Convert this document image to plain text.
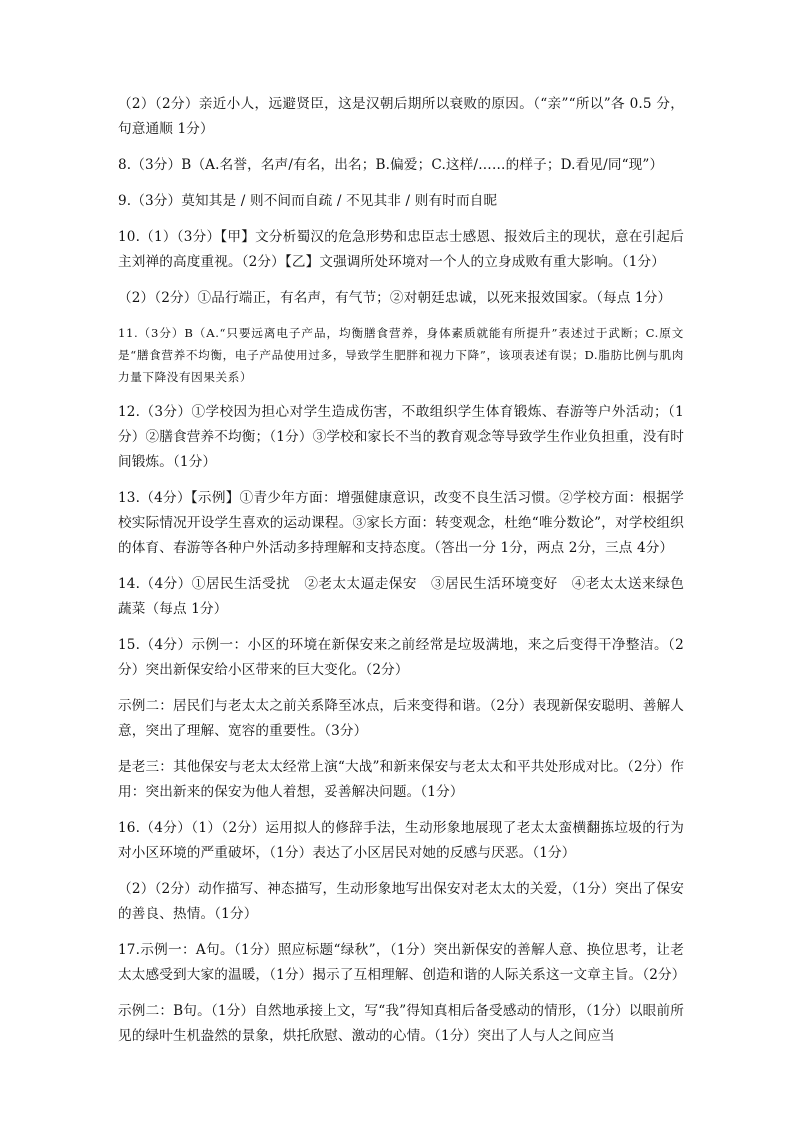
（2）（2分）亲近小人，远避贤臣，这是汉朝后期所以衰败的原因。（“亲”“所以”各 0.5 分，句意通顺 1分）

8.（3分）B（A.名誉，名声/有名，出名；B.偏爱；C.这样/……的样子；D.看见/同“现”）

9.（3分）莫知其是 / 则不间而自疏 / 不见其非 / 则有时而自昵

10.（1）（3分）【甲】文分析蜀汉的危急形势和忠臣志士感恩、报效后主的现状，意在引起后主刘禅的高度重视。（2分）【乙】文强调所处环境对一个人的立身成败有重大影响。（1分）

（2）（2分）①品行端正，有名声，有气节；②对朝廷忠诚，以死来报效国家。（每点 1分）

11.（3分）B（A.“只要远离电子产品，均衡膳食营养，身体素质就能有所提升”表述过于武断；C.原文是“膳食营养不均衡，电子产品使用过多，导致学生肥胖和视力下降”，该项表述有误；D.脂肪比例与肌肉力量下降没有因果关系）

12.（3分）①学校因为担心对学生造成伤害，不敢组织学生体育锻炼、春游等户外活动；（1分）②膳食营养不均衡；（1分）③学校和家长不当的教育观念等导致学生作业负担重，没有时间锻炼。（1分）

13.（4分）【示例】①青少年方面：增强健康意识，改变不良生活习惯。②学校方面：根据学校实际情况开设学生喜欢的运动课程。③家长方面：转变观念，杜绝“唯分数论”，对学校组织的体育、春游等各种户外活动多持理解和支持态度。（答出一分 1分，两点 2分，三点 4分）

14.（4分）①居民生活受扰　②老太太逼走保安　③居民生活环境变好　④老太太送来绿色蔬菜（每点 1分）

15.（4分）示例一：小区的环境在新保安来之前经常是垃圾满地，来之后变得干净整洁。（2分）突出新保安给小区带来的巨大变化。（2分）

示例二：居民们与老太太之前关系降至冰点，后来变得和谐。（2分）表现新保安聪明、善解人意，突出了理解、宽容的重要性。（3分）

是老三：其他保安与老太太经常上演“大战”和新来保安与老太太和平共处形成对比。（2分）作用：突出新来的保安为他人着想，妥善解决问题。（1分）

16.（4分）（1）（2分）运用拟人的修辞手法，生动形象地展现了老太太蛮横翻拣垃圾的行为对小区环境的严重破坏，（1分）表达了小区居民对她的反感与厌恶。（1分）

（2）（2分）动作描写、神态描写，生动形象地写出保安对老太太的关爱，（1分）突出了保安的善良、热情。（1分）

17.示例一：A句。（1分）照应标题“绿秋”，（1分）突出新保安的善解人意、换位思考，让老太太感受到大家的温暖，（1分）揭示了互相理解、创造和谐的人际关系这一文章主旨。（2分）

示例二：B句。（1分）自然地承接上文，写“我”得知真相后备受感动的情形，（1分）以眼前所见的绿叶生机盎然的景象，烘托欣慰、激动的心情。（1分）突出了人与人之间应当
